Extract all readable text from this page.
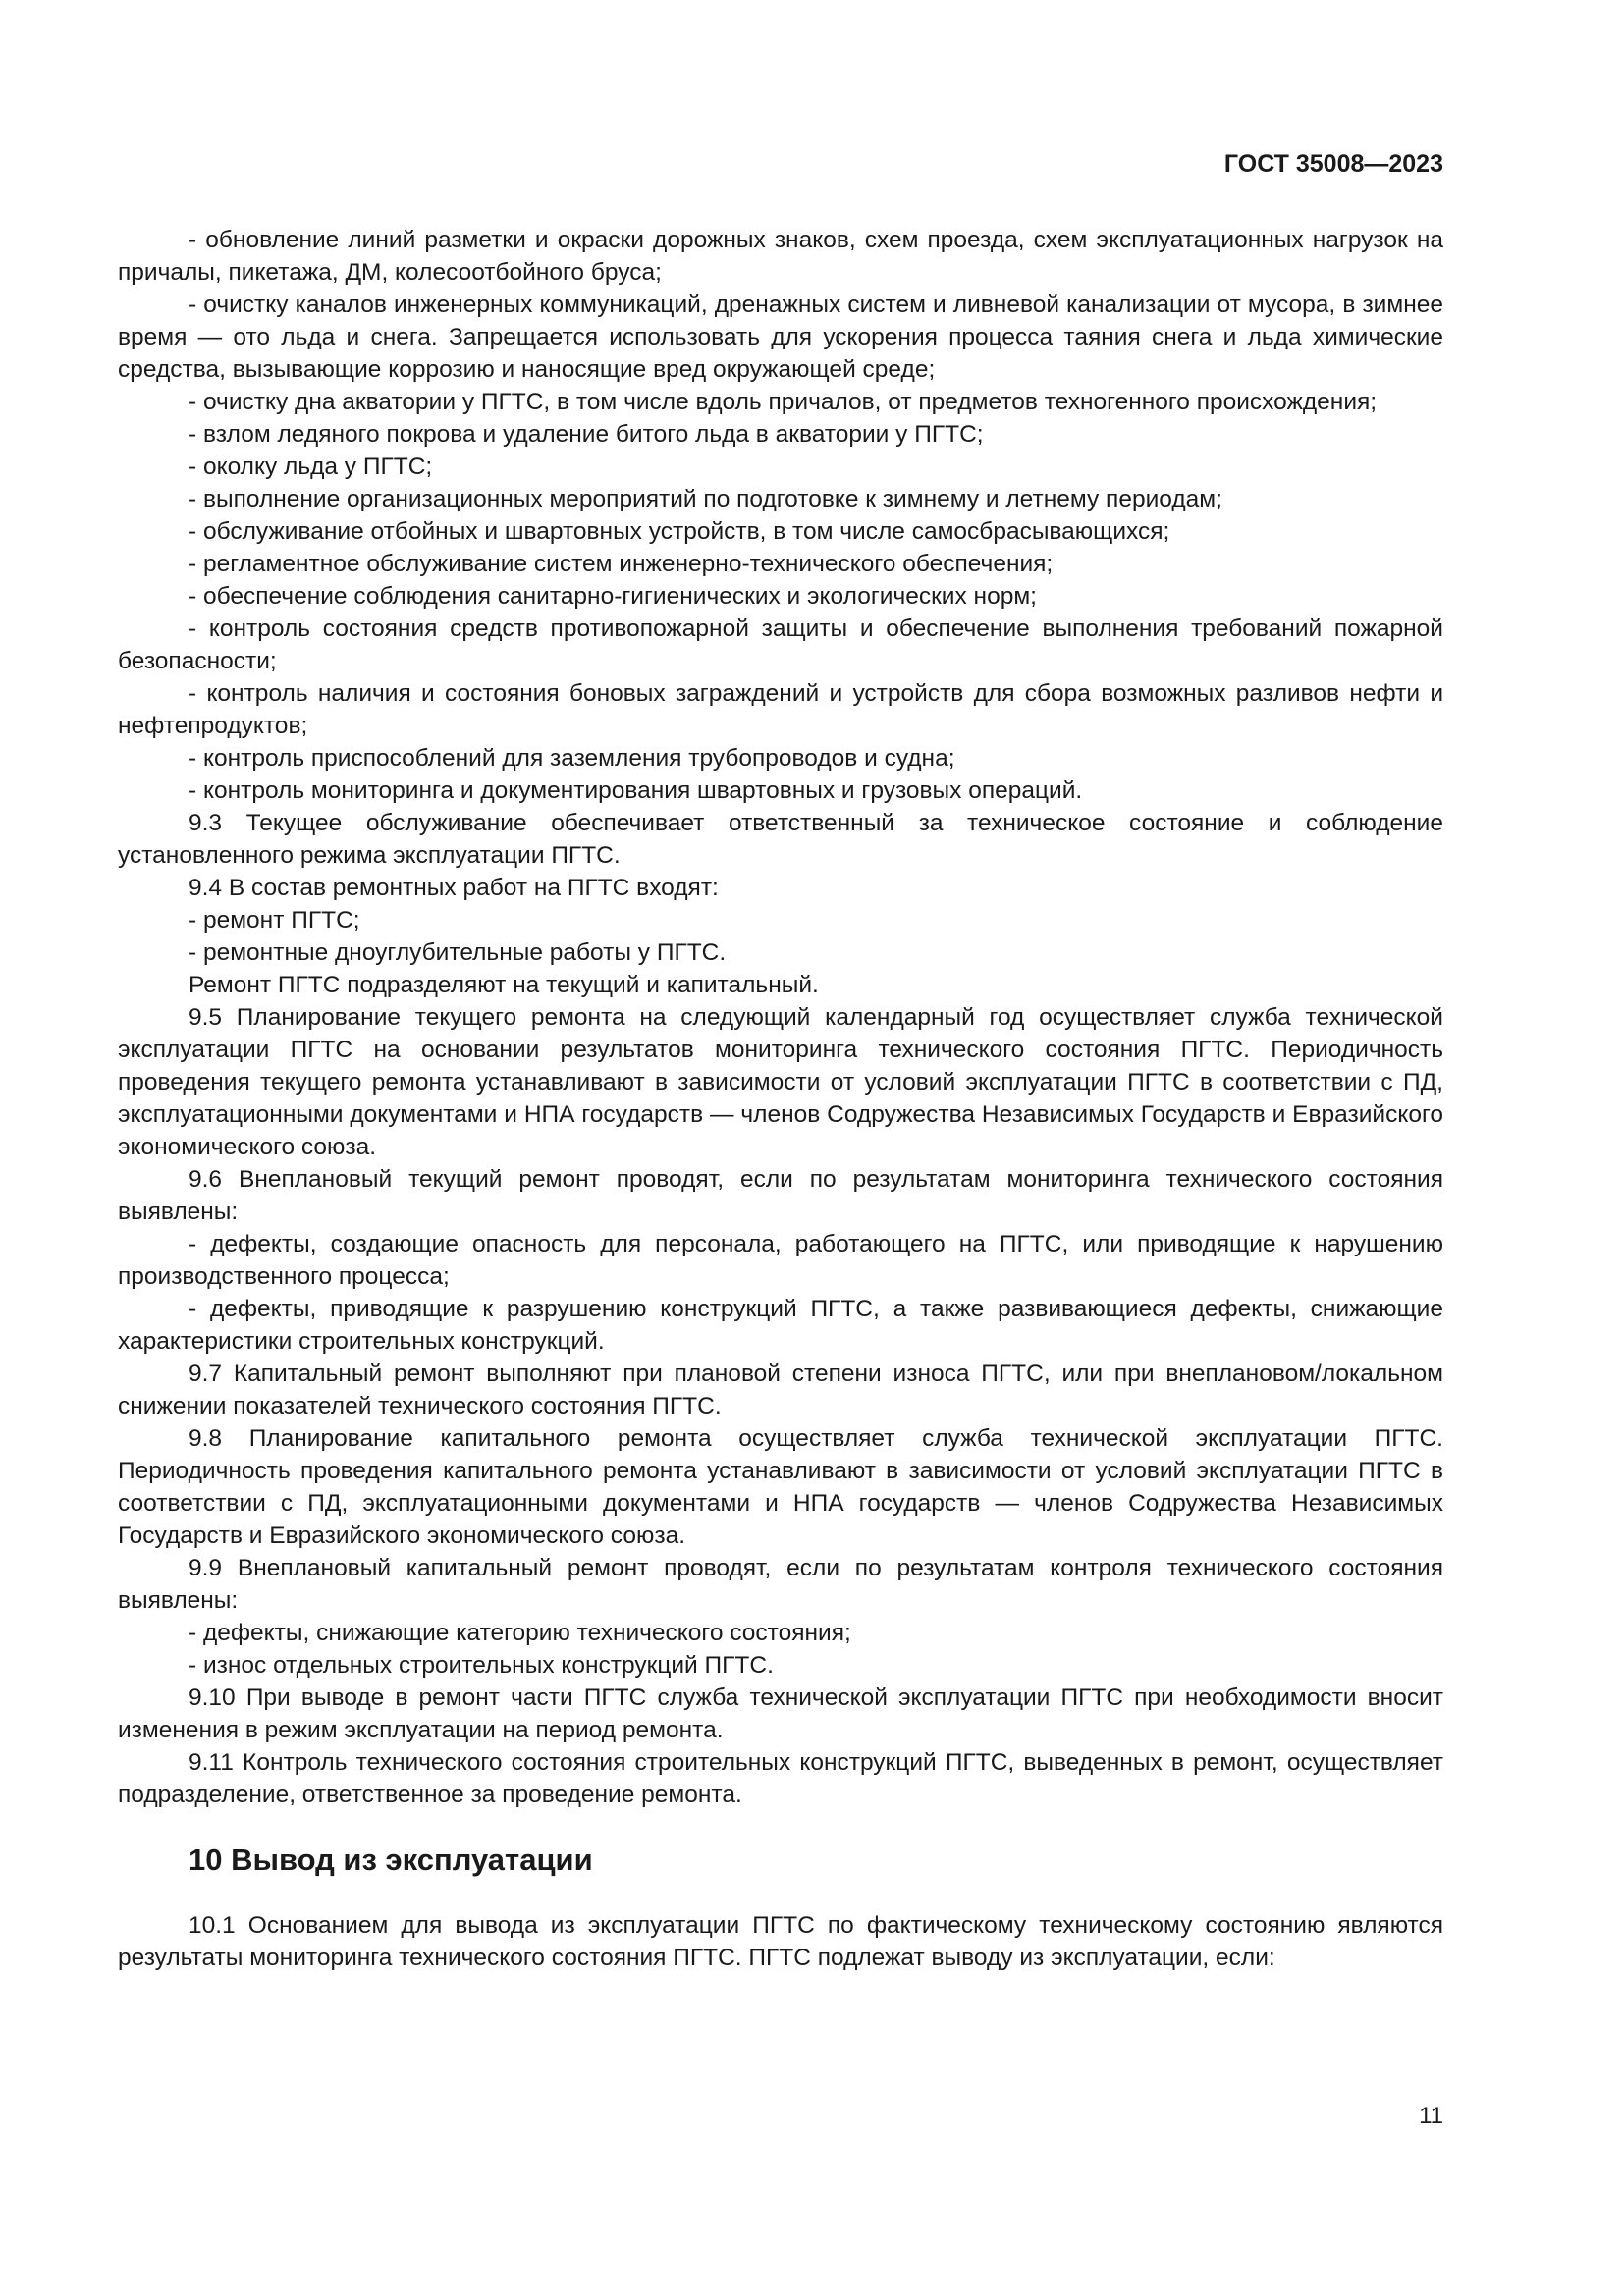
ГОСТ 35008—2023

- обновление линий разметки и окраски дорожных знаков, схем проезда, схем эксплуатационных нагрузок на причалы, пикетажа, ДМ, колесоотбойного бруса;

- очистку каналов инженерных коммуникаций, дренажных систем и ливневой канализации от мусора, в зимнее время — ото льда и снега. Запрещается использовать для ускорения процесса таяния снега и льда химические средства, вызывающие коррозию и наносящие вред окружающей среде;

- очистку дна акватории у ПГТС, в том числе вдоль причалов, от предметов техногенного происхождения;

- взлом ледяного покрова и удаление битого льда в акватории у ПГТС;

- околку льда у ПГТС;

- выполнение организационных мероприятий по подготовке к зимнему и летнему периодам;

- обслуживание отбойных и швартовных устройств, в том числе самосбрасывающихся;

- регламентное обслуживание систем инженерно-технического обеспечения;

- обеспечение соблюдения санитарно-гигиенических и экологических норм;

- контроль состояния средств противопожарной защиты и обеспечение выполнения требований пожарной безопасности;

- контроль наличия и состояния боновых заграждений и устройств для сбора возможных разливов нефти и нефтепродуктов;

- контроль приспособлений для заземления трубопроводов и судна;

- контроль мониторинга и документирования швартовных и грузовых операций.

9.3 Текущее обслуживание обеспечивает ответственный за техническое состояние и соблюдение установленного режима эксплуатации ПГТС.

9.4 В состав ремонтных работ на ПГТС входят:

- ремонт ПГТС;

- ремонтные дноуглубительные работы у ПГТС.

Ремонт ПГТС подразделяют на текущий и капитальный.

9.5 Планирование текущего ремонта на следующий календарный год осуществляет служба технической эксплуатации ПГТС на основании результатов мониторинга технического состояния ПГТС. Периодичность проведения текущего ремонта устанавливают в зависимости от условий эксплуатации ПГТС в соответствии с ПД, эксплуатационными документами и НПА государств — членов Содружества Независимых Государств и Евразийского экономического союза.

9.6 Внеплановый текущий ремонт проводят, если по результатам мониторинга технического состояния выявлены:

- дефекты, создающие опасность для персонала, работающего на ПГТС, или приводящие к нарушению производственного процесса;

- дефекты, приводящие к разрушению конструкций ПГТС, а также развивающиеся дефекты, снижающие характеристики строительных конструкций.

9.7 Капитальный ремонт выполняют при плановой степени износа ПГТС, или при внеплановом/локальном снижении показателей технического состояния ПГТС.

9.8 Планирование капитального ремонта осуществляет служба технической эксплуатации ПГТС. Периодичность проведения капитального ремонта устанавливают в зависимости от условий эксплуатации ПГТС в соответствии с ПД, эксплуатационными документами и НПА государств — членов Содружества Независимых Государств и Евразийского экономического союза.

9.9 Внеплановый капитальный ремонт проводят, если по результатам контроля технического состояния выявлены:

- дефекты, снижающие категорию технического состояния;

- износ отдельных строительных конструкций ПГТС.

9.10 При выводе в ремонт части ПГТС служба технической эксплуатации ПГТС при необходимости вносит изменения в режим эксплуатации на период ремонта.

9.11 Контроль технического состояния строительных конструкций ПГТС, выведенных в ремонт, осуществляет подразделение, ответственное за проведение ремонта.

10 Вывод из эксплуатации

10.1 Основанием для вывода из эксплуатации ПГТС по фактическому техническому состоянию являются результаты мониторинга технического состояния ПГТС. ПГТС подлежат выводу из эксплуатации, если:

11
